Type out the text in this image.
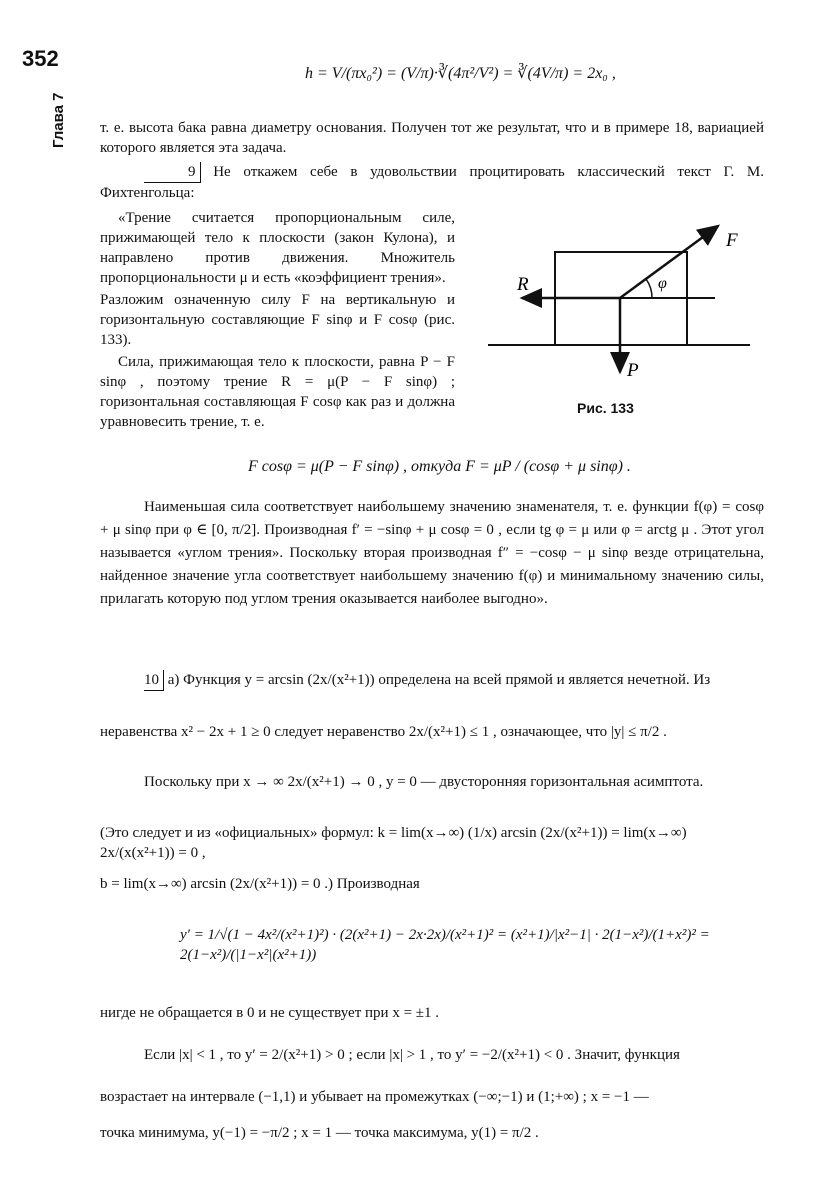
352
Глава 7
h = V/(πx₀²) = (V/π)·∛(4π²/V²) = ∛(4V/π) = 2x₀ ,
т. е. высота бака равна диаметру основания. Получен тот же результат, что и в примере 18, вариацией которого является эта задача.
9 Не откажем себе в удовольствии процитировать классический текст Г. М. Фихтенгольца:
«Трение считается пропорциональным силе, прижимающей тело к плоскости (закон Кулона), и направлено против движения. Множитель пропорциональности μ и есть «коэффициент трения».
Разложим означенную силу F на вертикальную и горизонтальную составляющие F sinφ и F cosφ (рис. 133).
Сила, прижимающая тело к плоскости, равна P − F sinφ , поэтому трение R = μ(P − F sinφ) ; горизонтальная составляющая F cosφ как раз и должна уравновесить трение, т. е.
F
R
P
φ
Рис. 133
F cosφ = μ(P − F sinφ) , откуда F = μP / (cosφ + μ sinφ) .
Наименьшая сила соответствует наибольшему значению знаменателя, т. е. функции f(φ) = cosφ + μ sinφ при φ ∈ [0, π/2]. Производная f′ = −sinφ + μ cosφ = 0 , если tg φ = μ или φ = arctg μ . Этот угол называется «углом трения». Поскольку вторая производная f″ = −cosφ − μ sinφ везде отрицательна, найденное значение угла соответствует наибольшему значению f(φ) и минимальному значению силы, прилагать которую под углом трения оказывается наиболее выгодно».
10 а) Функция y = arcsin (2x/(x²+1)) определена на всей прямой и является нечетной. Из
неравенства x² − 2x + 1 ≥ 0 следует неравенство 2x/(x²+1) ≤ 1 , означающее, что |y| ≤ π/2 .
Поскольку при x → ∞ 2x/(x²+1) → 0 , y = 0 — двусторонняя горизонтальная асимптота.
(Это следует и из «официальных» формул: k = lim(x→∞) (1/x) arcsin (2x/(x²+1)) = lim(x→∞) 2x/(x(x²+1)) = 0 ,
b = lim(x→∞) arcsin (2x/(x²+1)) = 0 .) Производная
y′ = 1/√(1 − 4x²/(x²+1)²) · (2(x²+1) − 2x·2x)/(x²+1)² = (x²+1)/|x²−1| · 2(1−x²)/(1+x²)² = 2(1−x²)/(|1−x²|(x²+1))
нигде не обращается в 0 и не существует при x = ±1 .
Если |x| < 1 , то y′ = 2/(x²+1) > 0 ; если |x| > 1 , то y′ = −2/(x²+1) < 0 . Значит, функция
возрастает на интервале (−1,1) и убывает на промежутках (−∞;−1) и (1;+∞) ; x = −1 —
точка минимума, y(−1) = −π/2 ; x = 1 — точка максимума, y(1) = π/2 .
